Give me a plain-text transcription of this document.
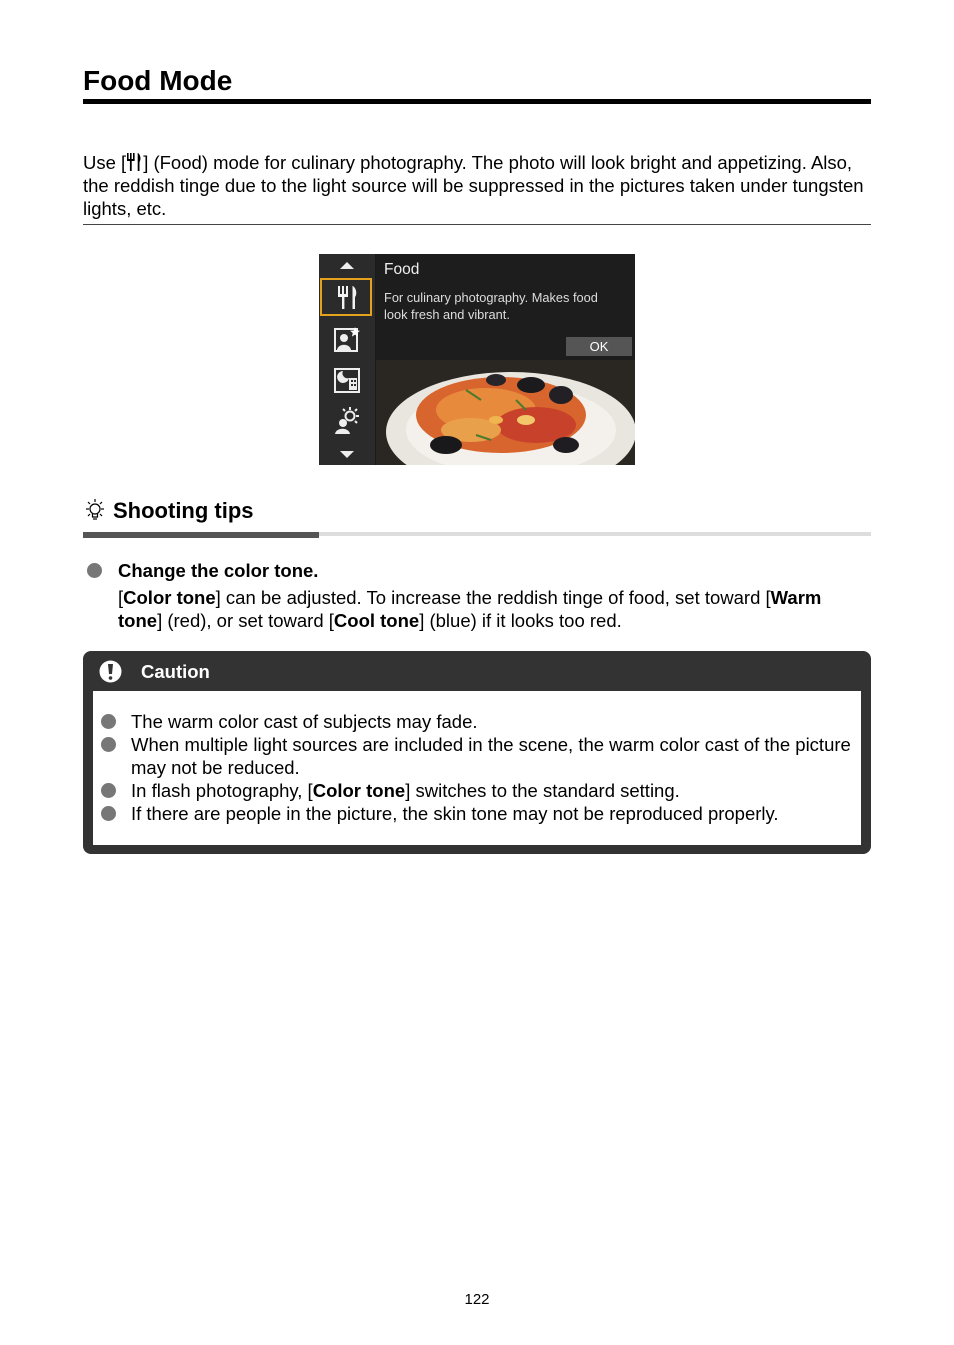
Food Mode

Use [ ] (Food) mode for culinary photography. The photo will look bright and appetizing. Also, the reddish tinge due to the light source will be suppressed in the pictures taken under tungsten lights, etc.

Food
For culinary photography. Makes food look fresh and vibrant.
OK
Shooting tips
Change the color tone.

[Color tone] can be adjusted. To increase the reddish tinge of food, set toward [Warm tone] (red), or set toward [Cool tone] (blue) if it looks too red.

Caution

The warm color cast of subjects may fade.

When multiple light sources are included in the scene, the warm color cast of the picture may not be reduced.

In flash photography, [Color tone] switches to the standard setting.

If there are people in the picture, the skin tone may not be reproduced properly.

122
